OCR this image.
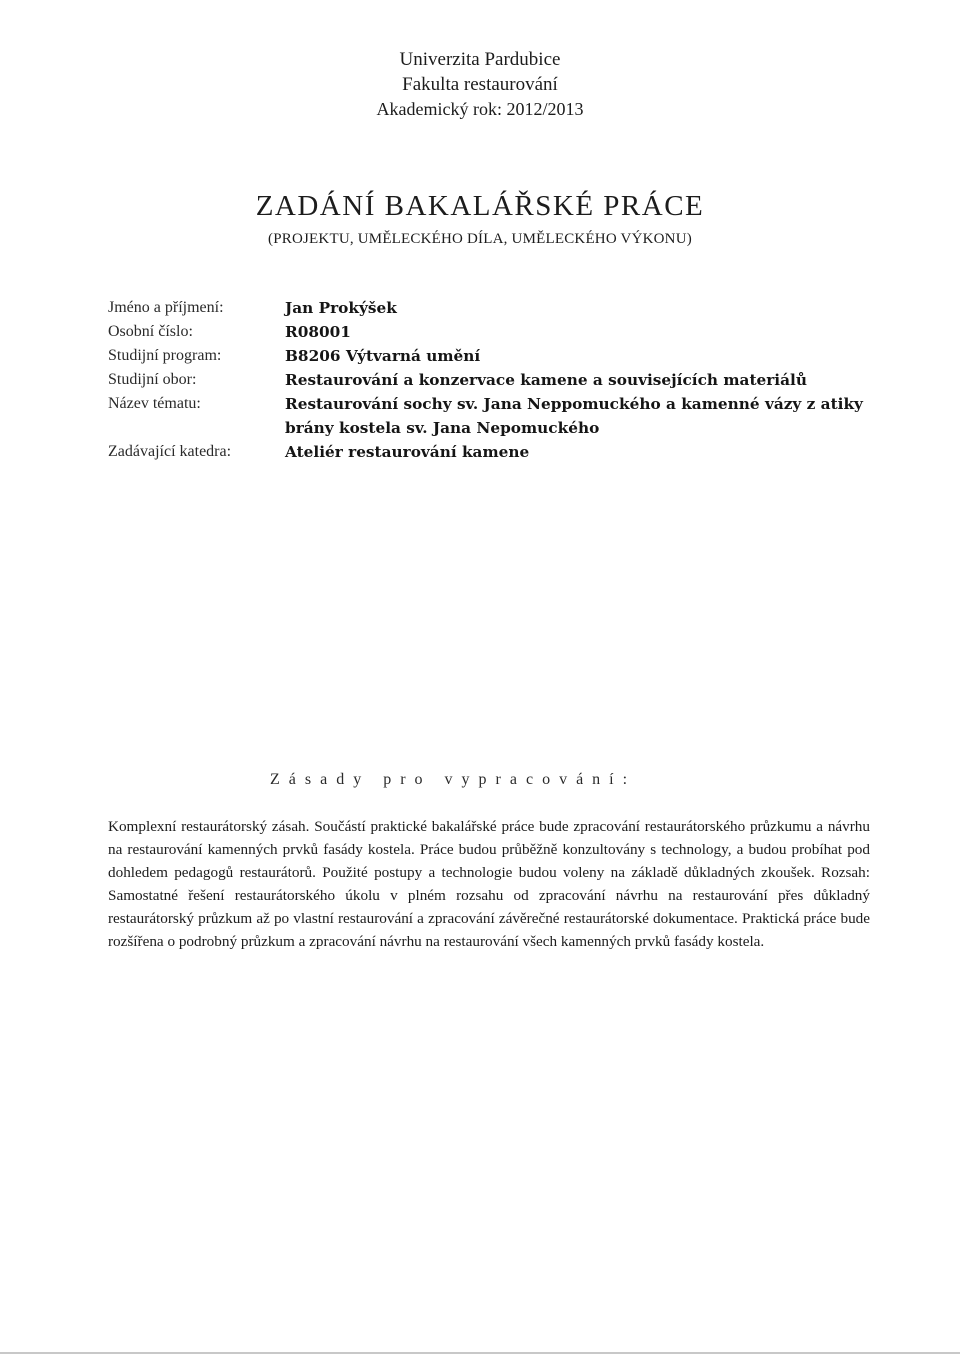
Univerzita Pardubice
Fakulta restaurování
Akademický rok: 2012/2013
ZADÁNÍ BAKALÁŘSKÉ PRÁCE
(PROJEKTU, UMĚLECKÉHO DÍLA, UMĚLECKÉHO VÝKONU)
Jméno a příjmení:	Jan Prokýšek
Osobní číslo:	R08001
Studijní program:	B8206 Výtvarná umění
Studijní obor:	Restaurování a konzervace kamene a souvisejících materiálů
Název tématu:	Restaurování sochy sv. Jana Neppomuckého a kamenné vázy z atiky brány kostela sv. Jana Nepomuckého
Zadávající katedra:	Ateliér restaurování kamene
Zásady pro vypracování:
Komplexní restaurátorský zásah. Součástí praktické bakalářské práce bude zpracování restaurátorského průzkumu a návrhu na restaurování kamenných prvků fasády kostela. Práce budou průběžně konzultovány s technology, a budou probíhat pod dohledem pedagogů restaurátorů. Použité postupy a technologie budou voleny na základě důkladných zkoušek. Rozsah: Samostatné řešení restaurátorského úkolu v plném rozsahu od zpracování návrhu na restaurování přes důkladný restaurátorský průzkum až po vlastní restaurování a zpracování závěrečné restaurátorské dokumentace. Praktická práce bude rozšířena o podrobný průzkum a zpracování návrhu na restaurování všech kamenných prvků fasády kostela.
